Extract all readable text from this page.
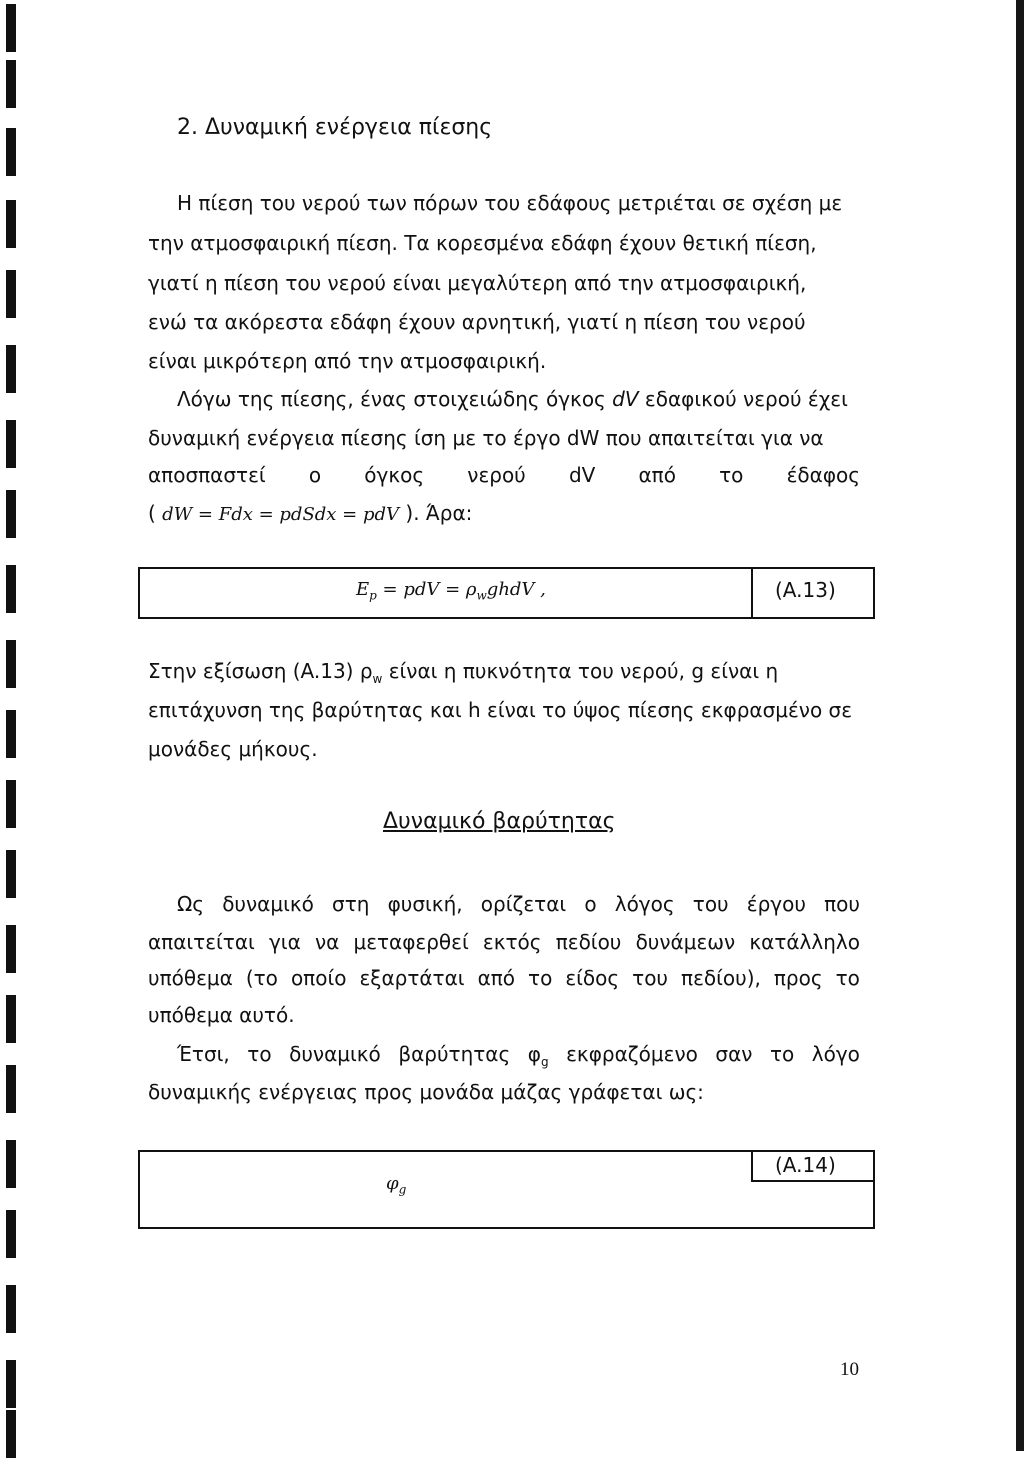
2. Δυναμική ενέργεια πίεσης
Η πίεση του νερού των πόρων του εδάφους μετριέται σε σχέση με
την ατμοσφαιρική πίεση. Τα κορεσμένα εδάφη έχουν θετική πίεση,
γιατί η πίεση του νερού είναι μεγαλύτερη από την ατμοσφαιρική,
ενώ τα ακόρεστα εδάφη έχουν αρνητική, γιατί η πίεση του νερού
είναι μικρότερη από την ατμοσφαιρική.
Λόγω της πίεσης, ένας στοιχειώδης όγκος dV εδαφικού νερού έχει
δυναμική ενέργεια πίεσης ίση με το έργο dW που απαιτείται για να
αποσπαστεί ο όγκος νερού dV από το έδαφος
( dW = Fdx = pdSdx = pdV ). Άρα:
$E_p$ = pdV = $\rho_wghdV$ ,	(A.13)
Στην εξίσωση (A.13) $\rho_w$ είναι η πυκνότητα του νερού, g είναι η
επιτάχυνση της βαρύτητας και h είναι το ύψος πίεσης εκφρασμένο σε
μονάδες μήκους.
Δυναμικό βαρύτητας
Ως δυναμικό στη φυσική, ορίζεται ο λόγος του έργου που
απαιτείται για να μεταφερθεί εκτός πεδίου δυνάμεων κατάλληλο
υπόθεμα (το οποίο εξαρτάται από το είδος του πεδίου), προς το
υπόθεμα αυτό.
Έτσι, το δυναμικό βαρύτητας $\varphi_g$ εκφραζόμενο σαν το λόγο
δυναμικής ενέργειας προς μονάδα μάζας γράφεται ως:
$\varphi_g$
(A.14)
10
